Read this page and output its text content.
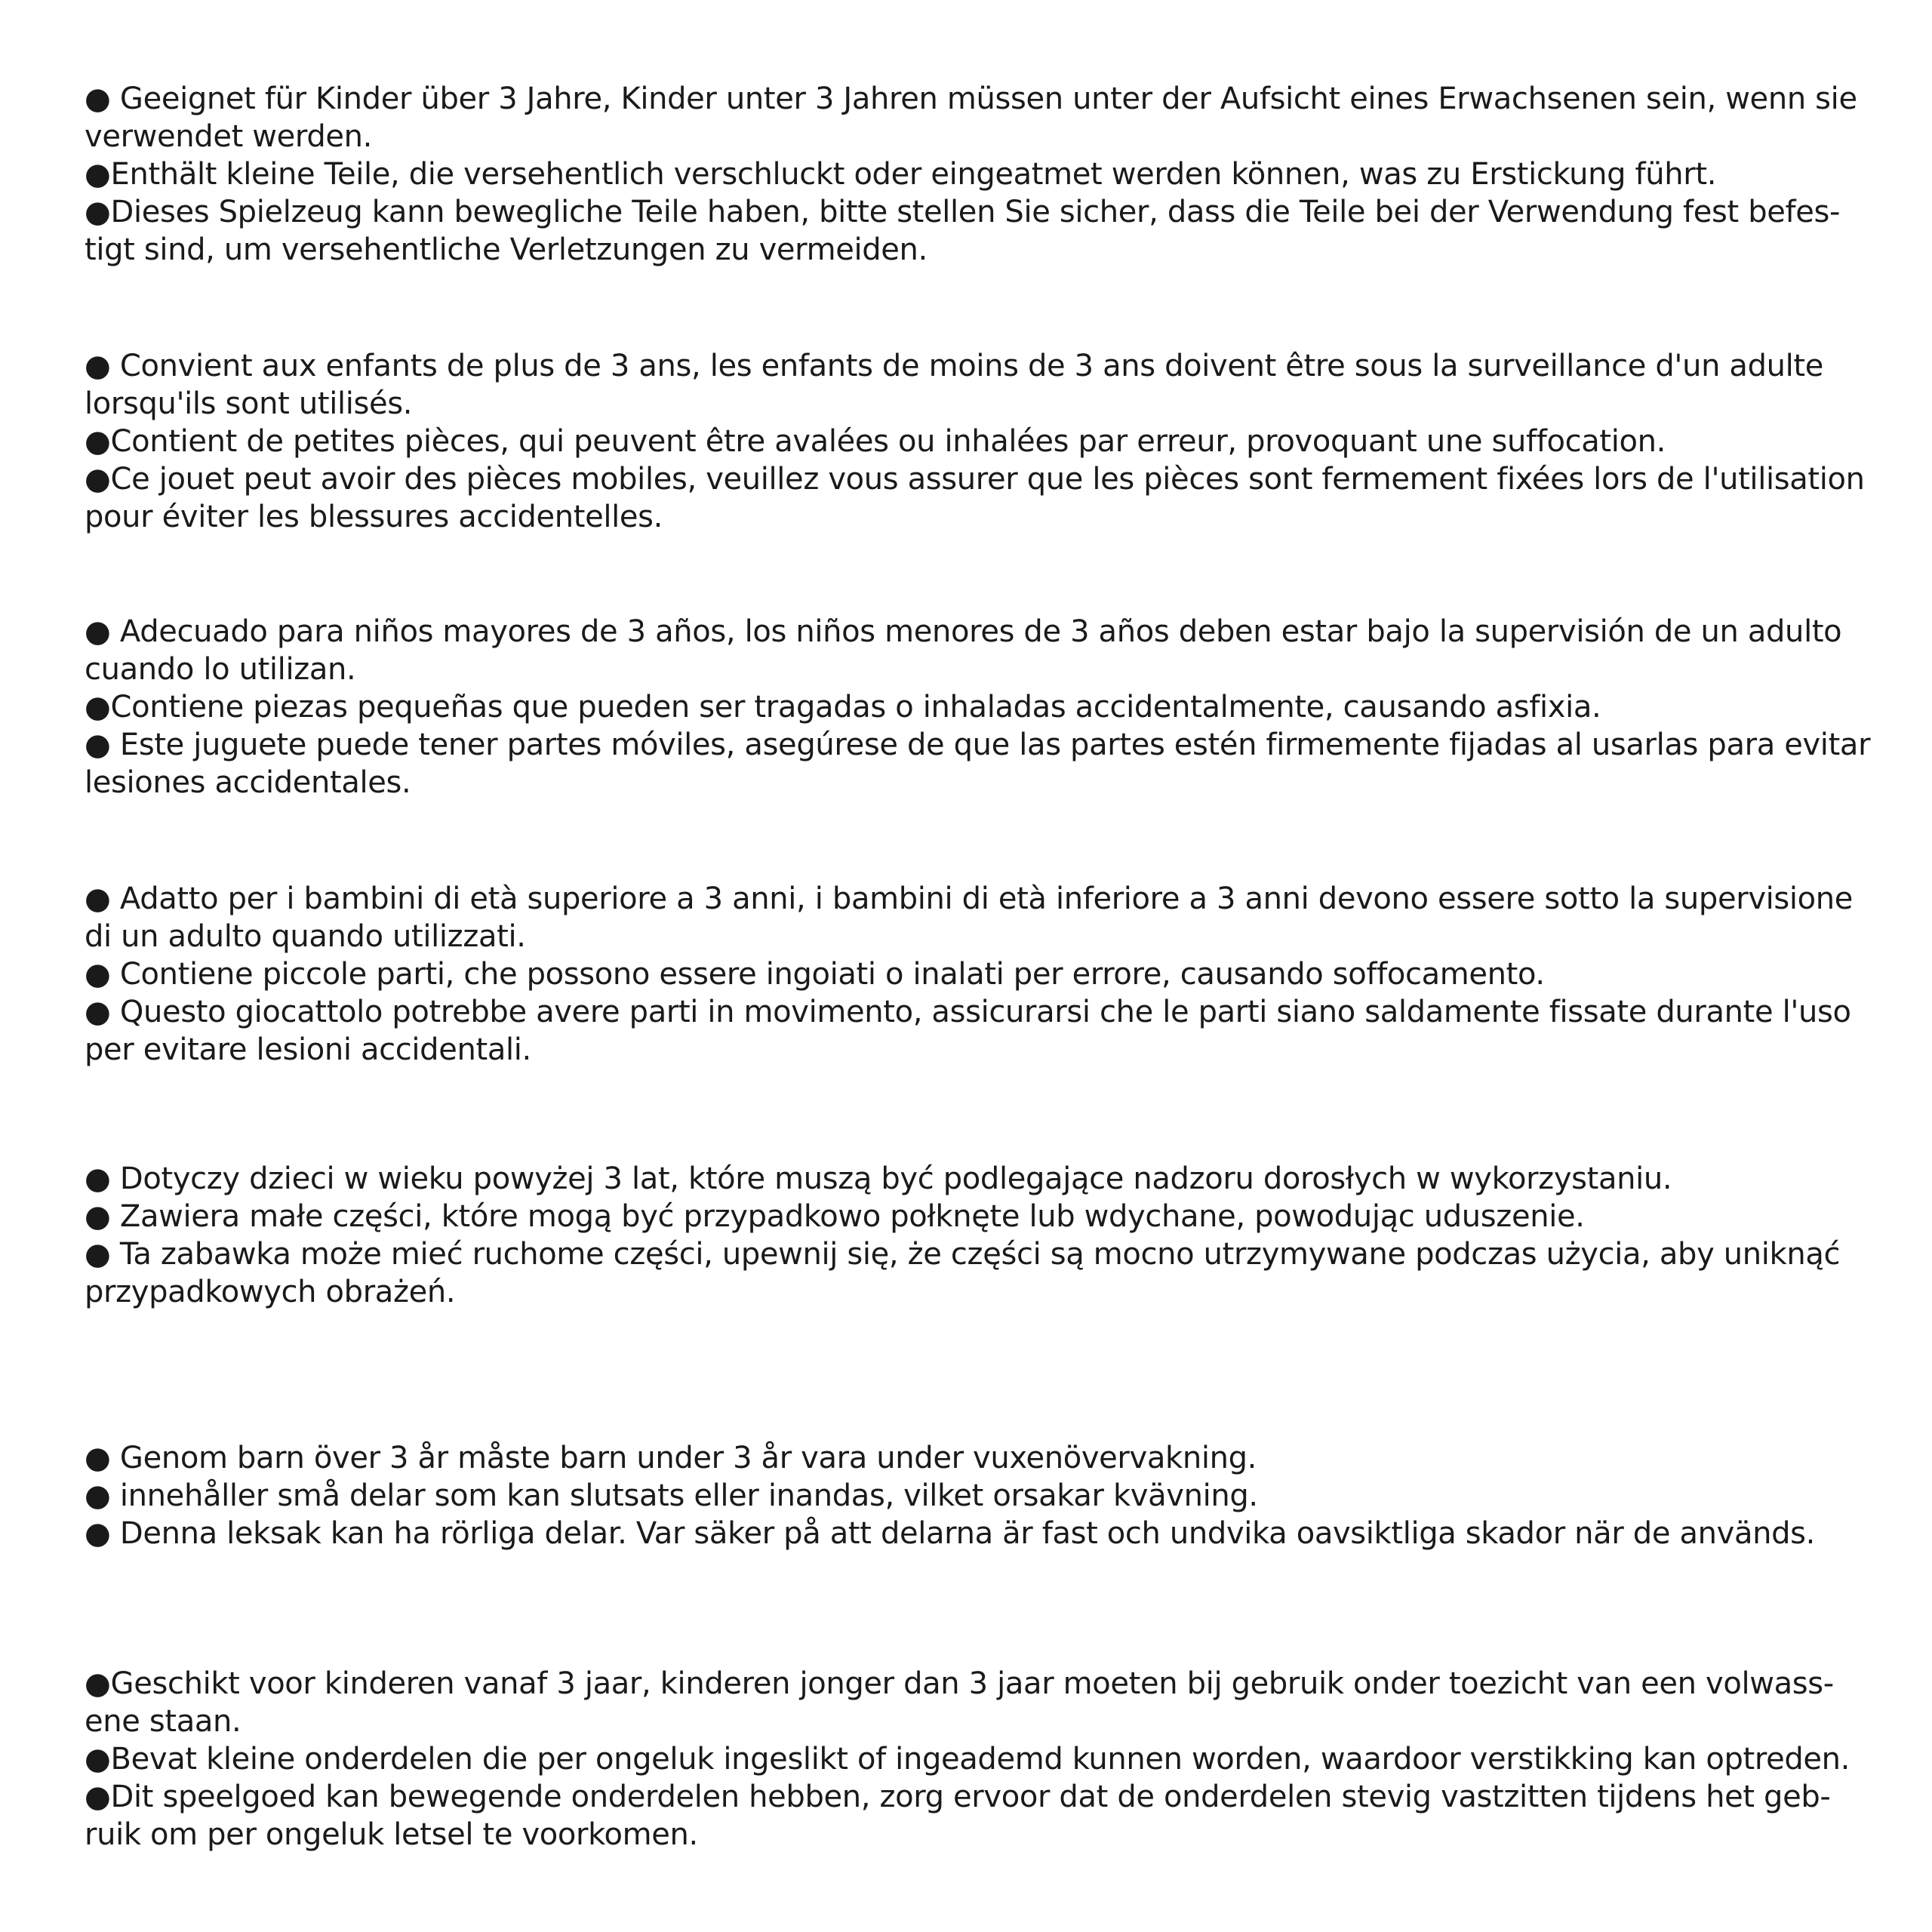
● Geeignet für Kinder über 3 Jahre, Kinder unter 3 Jahren müssen unter der Aufsicht eines Erwachsenen sein, wenn sie
verwendet werden.
●Enthält kleine Teile, die versehentlich verschluckt oder eingeatmet werden können, was zu Erstickung führt.
●Dieses Spielzeug kann bewegliche Teile haben, bitte stellen Sie sicher, dass die Teile bei der Verwendung fest befes-
tigt sind, um versehentliche Verletzungen zu vermeiden.
● Convient aux enfants de plus de 3 ans, les enfants de moins de 3 ans doivent être sous la surveillance d'un adulte
lorsqu'ils sont utilisés.
●Contient de petites pièces, qui peuvent être avalées ou inhalées par erreur, provoquant une suffocation.
●Ce jouet peut avoir des pièces mobiles, veuillez vous assurer que les pièces sont fermement fixées lors de l'utilisation
pour éviter les blessures accidentelles.
● Adecuado para niños mayores de 3 años, los niños menores de 3 años deben estar bajo la supervisión de un adulto
cuando lo utilizan.
●Contiene piezas pequeñas que pueden ser tragadas o inhaladas accidentalmente, causando asfixia.
● Este juguete puede tener partes móviles, asegúrese de que las partes estén firmemente fijadas al usarlas para evitar
lesiones accidentales.
● Adatto per i bambini di età superiore a 3 anni, i bambini di età inferiore a 3 anni devono essere sotto la supervisione
di un adulto quando utilizzati.
● Contiene piccole parti, che possono essere ingoiati o inalati per errore, causando soffocamento.
● Questo giocattolo potrebbe avere parti in movimento, assicurarsi che le parti siano saldamente fissate durante l'uso
per evitare lesioni accidentali.
● Dotyczy dzieci w wieku powyżej 3 lat, które muszą być podlegające nadzoru dorosłych w wykorzystaniu.
● Zawiera małe części, które mogą być przypadkowo połknęte lub wdychane, powodując uduszenie.
● Ta zabawka może mieć ruchome części, upewnij się, że części są mocno utrzymywane podczas użycia, aby uniknąć
przypadkowych obrażeń.
● Genom barn över 3 år måste barn under 3 år vara under vuxenövervakning.
● innehåller små delar som kan slutsats eller inandas, vilket orsakar kvävning.
● Denna leksak kan ha rörliga delar. Var säker på att delarna är fast och undvika oavsiktliga skador när de används.
●Geschikt voor kinderen vanaf 3 jaar, kinderen jonger dan 3 jaar moeten bij gebruik onder toezicht van een volwass-
ene staan.
●Bevat kleine onderdelen die per ongeluk ingeslikt of ingeademd kunnen worden, waardoor verstikking kan optreden.
●Dit speelgoed kan bewegende onderdelen hebben, zorg ervoor dat de onderdelen stevig vastzitten tijdens het geb-
ruik om per ongeluk letsel te voorkomen.
